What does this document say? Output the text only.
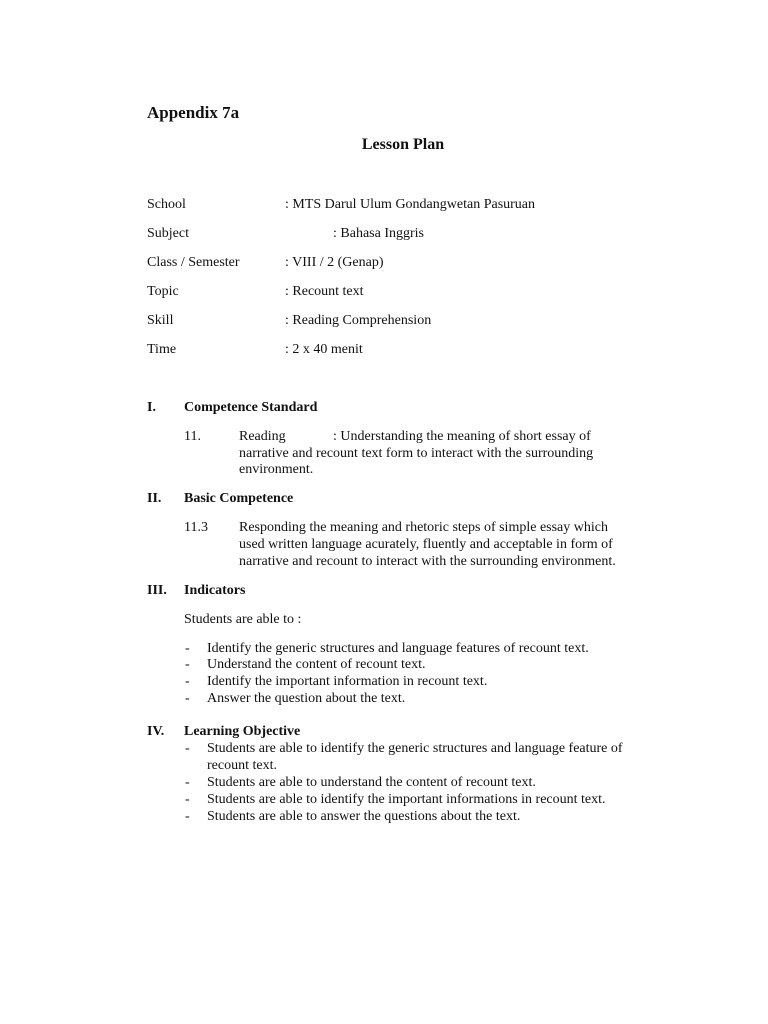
Appendix 7a
Lesson Plan
School	: MTS Darul Ulum Gondangwetan Pasuruan
Subject	: Bahasa Inggris
Class / Semester	: VIII / 2 (Genap)
Topic	: Recount text
Skill	: Reading Comprehension
Time	: 2 x 40 menit
I. Competence Standard
11.	Reading	: Understanding the meaning of short essay of
narrative and recount text form to interact with the surrounding
environment.
II. Basic Competence
11.3 Responding the meaning and rhetoric steps of simple essay which
used written language acurately, fluently and acceptable in form of
narrative and recount to interact with the surrounding environment.
III. Indicators
Students are able to :
- Identify the generic structures and language features of recount text.
- Understand the content of recount text.
- Identify the important information in recount text.
- Answer the question about the text.
IV. Learning Objective
- Students are able to identify the generic structures and language feature of recount text.
- Students are able to understand the content of recount text.
- Students are able to identify the important informations in recount text.
- Students are able to answer the questions about the text.
